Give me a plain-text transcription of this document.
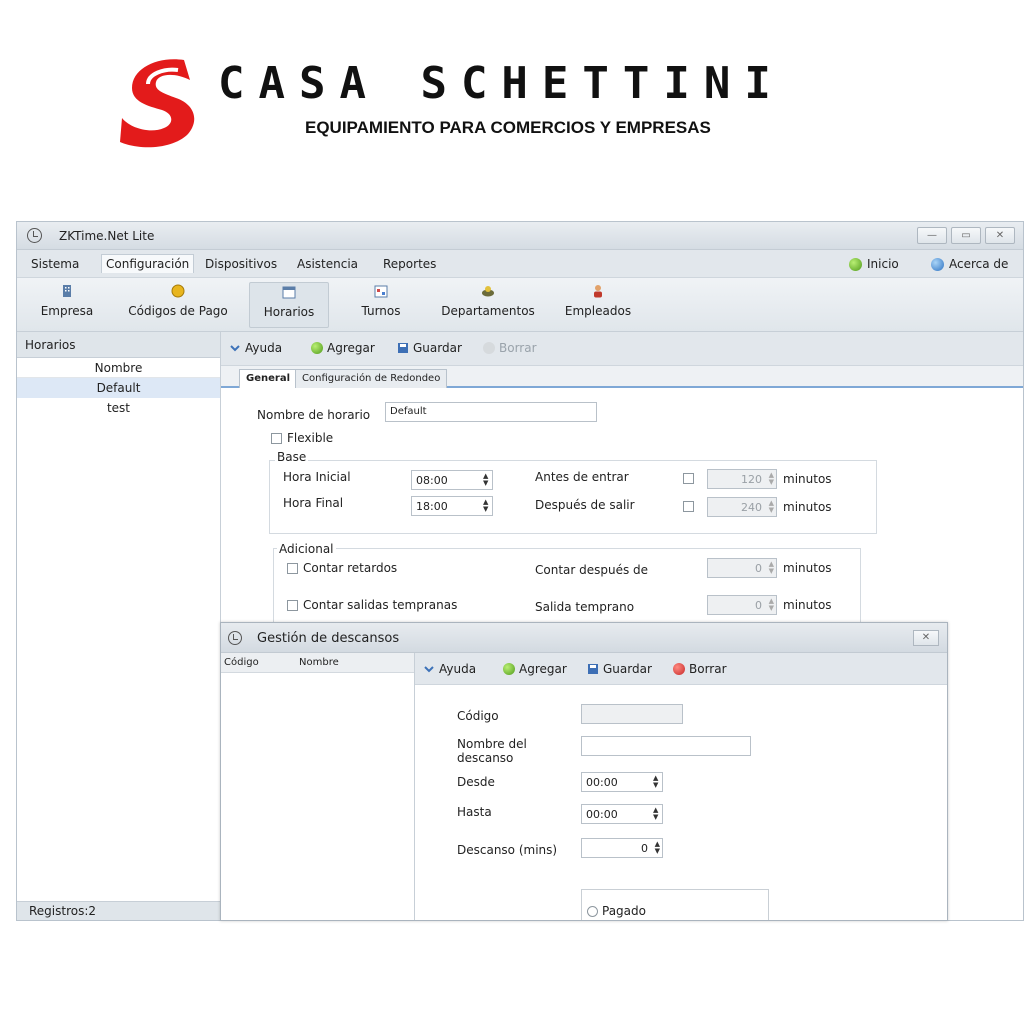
CASA SCHETTINI
EQUIPAMIENTO PARA COMERCIOS Y EMPRESAS
ZKTime.Net Lite	—	▭	✕
Sistema	Configuración	Dispositivos	Asistencia	Reportes	Inicio	Acerca de
Empresa	Códigos de Pago	Horarios	Turnos	Departamentos	Empleados
Horarios
Nombre
Default
test
Registros:2
Ayuda	Agregar	Guardar	Borrar
General	Configuración de Redondeo
Nombre de horario	Default
Flexible
Base
Hora Inicial	08:00	▲
▼
Hora Final	18:00	▲
▼
Antes de entrar	120 ▲
▼ minutos
Después de salir	240 ▲
▼ minutos
Adicional
Contar retardos
Contar salidas tempranas
Contar después de	0 ▲
▼ minutos
Salida temprano	0 ▲
▼ minutos
Gestión de descansos	✕
Código	Nombre	Ayuda	Agregar	Guardar	Borrar
Código
Nombre del
descanso
Desde	00:00	▲
▼
Hasta	00:00	▲
▼
Descanso (mins)	0 ▲
▼
Pagado
